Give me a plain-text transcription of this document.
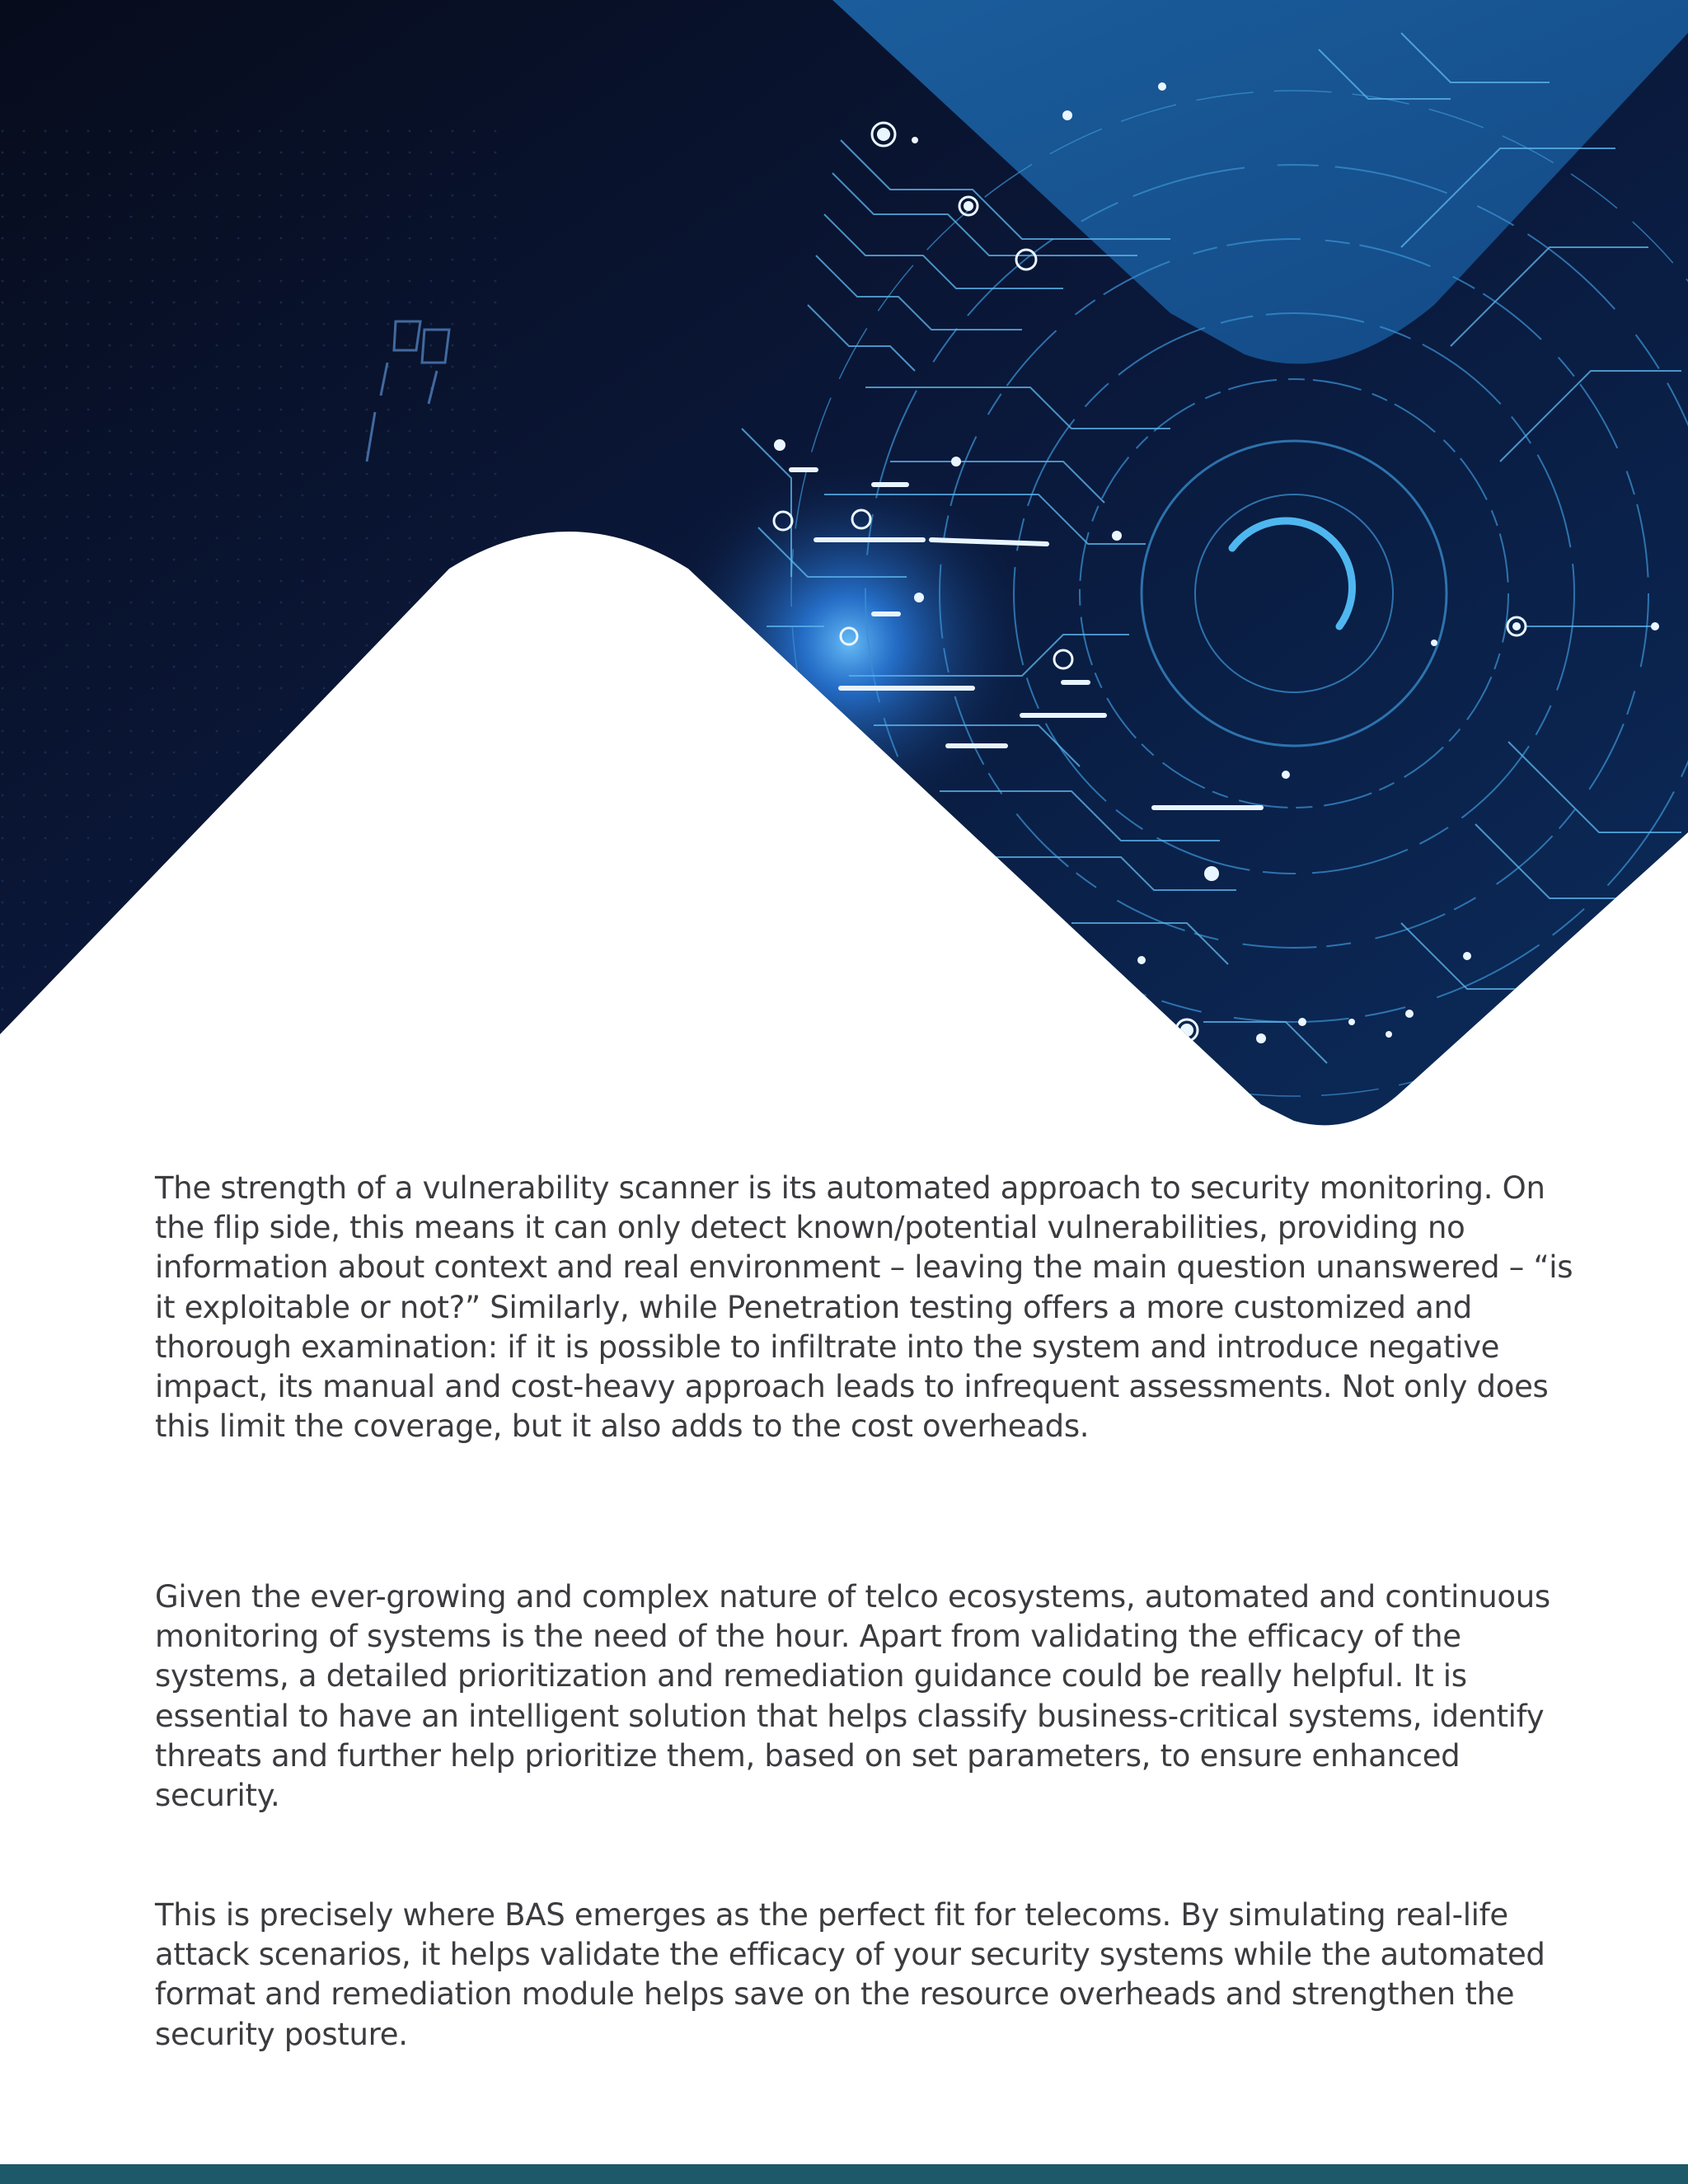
The strength of a vulnerability scanner is its automated approach to security monitoring. On the flip side, this means it can only detect known/potential vulnerabilities, providing no information about context and real environment – leaving the main question unanswered – “is it exploitable or not?” Similarly, while Penetration testing offers a more customized and thorough examination: if it is possible to infiltrate into the system and introduce negative impact, its manual and cost-heavy approach leads to infrequent assessments. Not only does this limit the coverage, but it also adds to the cost overheads.

Given the ever-growing and complex nature of telco ecosystems, automated and continuous monitoring of systems is the need of the hour. Apart from validating the efficacy of the systems, a detailed prioritization and remediation guidance could be really helpful. It is essential to have an intelligent solution that helps classify business-critical systems, identify threats and further help prioritize them, based on set parameters, to ensure enhanced security.

This is precisely where BAS emerges as the perfect fit for telecoms. By simulating real-life attack scenarios, it helps validate the efficacy of your security systems while the automated format and remediation module helps save on the resource overheads and strengthen the security posture.
